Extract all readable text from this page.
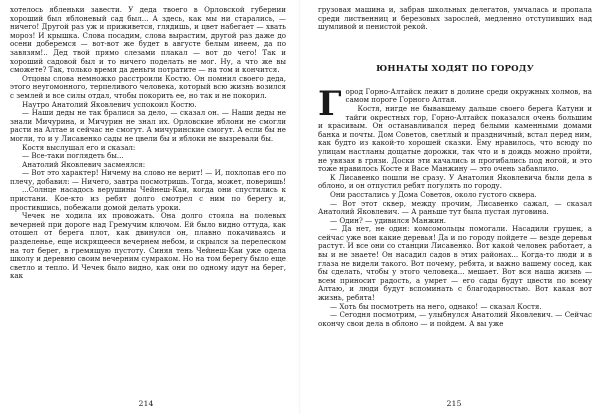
хотелось ябленьки завести. У деда твоего в Орловской губернии хороший был яблоневый сад был... А здесь, как мы ни старались, — ничего! Другой раз уж и приживется, глядишь, и цвет набегает — хвать мороз! И крышка. Слова посадим, слова вырастим, другой раз даже до осени доберемся — вот-вот же будет в августе белым инеем, да по завязям!.. Дед твой прямо слезами плакал — вот до чего! Так и хороший садовой был и то ничего поделать не мог. Ну, а что же вы сможете? Так, только время да деньги потратите — на том и кончится.

Отцовы слова немножко расстроили Костю. Он помнил своего деда, этого неугомонного, терпеливого человека, который всю жизнь возился с землей и все силы отдал, чтобы покорить ее, но так и не покорил.

Наутро Анатолий Яковлевич успокоил Костю.

— Наши деды не так бралися за дело, — сказал он. — Наши деды не знали Мичурина, и Мичурин не знал их. Орловские яблони не смогли расти на Алтае и сейчас не смогут. А мичуринские смогут. А если бы не могли, то и у Лисавенко сады не цвели бы и яблоки не вызревали бы.

Костя выслушал его и сказал:

— Все-таки поглядеть бы...

Анатолий Яковлевич засмеялся:

— Вот это характер! Ничему на слово не верит! — И, похлопав его по плечу, добавил: — Ничего, завтра посмотришь. Тогда, может, поверишь!

...Солнце насадось верушины Чейнеш-Каи, когда они спустились к пристани. Кое-кто из ребят долго смотрел с ним по берегу и, простившись, побежали домой делать уроки.

Чечек не ходила их провожать. Она долго стояла на полевых вечерней при дороге над Гремучим ключом. Ей было видно оттуда, как отошел от берега плот, как двинулся он, плавно покачиваясь и разделенье, еще искрящееся вечернем небом, и скрылся за перелеском на тот берег, в гремящую пустоту. Синяя тень Чейнеш-Каи уже одела школу и деревню своим вечерним сумраком. Но на том берегу было еще светло и тепло. И Чечек было видно, как они по одному идут на берег, как

214

грузовая машина и, забрав школьных делегатов, умчалась и пропала среди лиственниц и березовых зарослей, медленно отступивших над шумливой и пенистой рекой.

ЮННАТЫ ХОДЯТ ПО ГОРОДУ

Город Горно-Алтайск лежит в долине среди окружных холмов, на самом пороге Горного Алтая.

Костя, нигде не бывавшему дальше своего берега Катуни и тайги окрестных гор, Горно-Алтайск показался очень большим и красивым. Он останавливался перед белыми каменными домами банка и почты. Дом Советов, светлый и праздничный, встал перед ним, как будто из какой-то хорошей сказки. Ему нравилось, что всюду по улицам настланы дощатые дорожки, так что и в дождь можно пройти, не увязая в грязи. Доски эти качались и прогибались под ногой, и это тоже нравилось Косте и Васе Манжину — это очень забавлило.

К Лисавенко пошли не сразу. У Анатолия Яковлевича были дела в облоно, и он отпустил ребят погулять по городу.

Они расстались у Дома Советов, около густого сквера.

— Вот этот сквер, между прочим, Лисавенко сажал, — сказал Анатолий Яковлевич. — А раньше тут была пустая луговина.

— Один? — удивился Манжин.

— Да нет, не один: комсомольцы помогали. Насадили грушек, а сейчас уже вон какие деревья! Да и по городу пойдете — везде деревья растут. И все они со станции Лисавенко. Вот какой человек работает, а вы и не знаете! Он насадил садов в этих районах... Когда-то люди и в глаза не видели такого. Вот почему, ребята, и важно вашему сосед, как бы сделать, чтобы у этого человека... мешает. Вот вся наша жизнь — всем приносит радость, а умрет — его сады будут цвести по всему Алтаю, и люди будут вспоминать с благодарностью. Вот какая вот жизнь, ребята!

— Хоть бы посмотреть на него, однако! — сказал Костя.

— Сегодня посмотрим, — улыбнулся Анатолий Яковлевич. — Сейчас окончу свои дела в облоно — и пойдем. А вы уже

215
